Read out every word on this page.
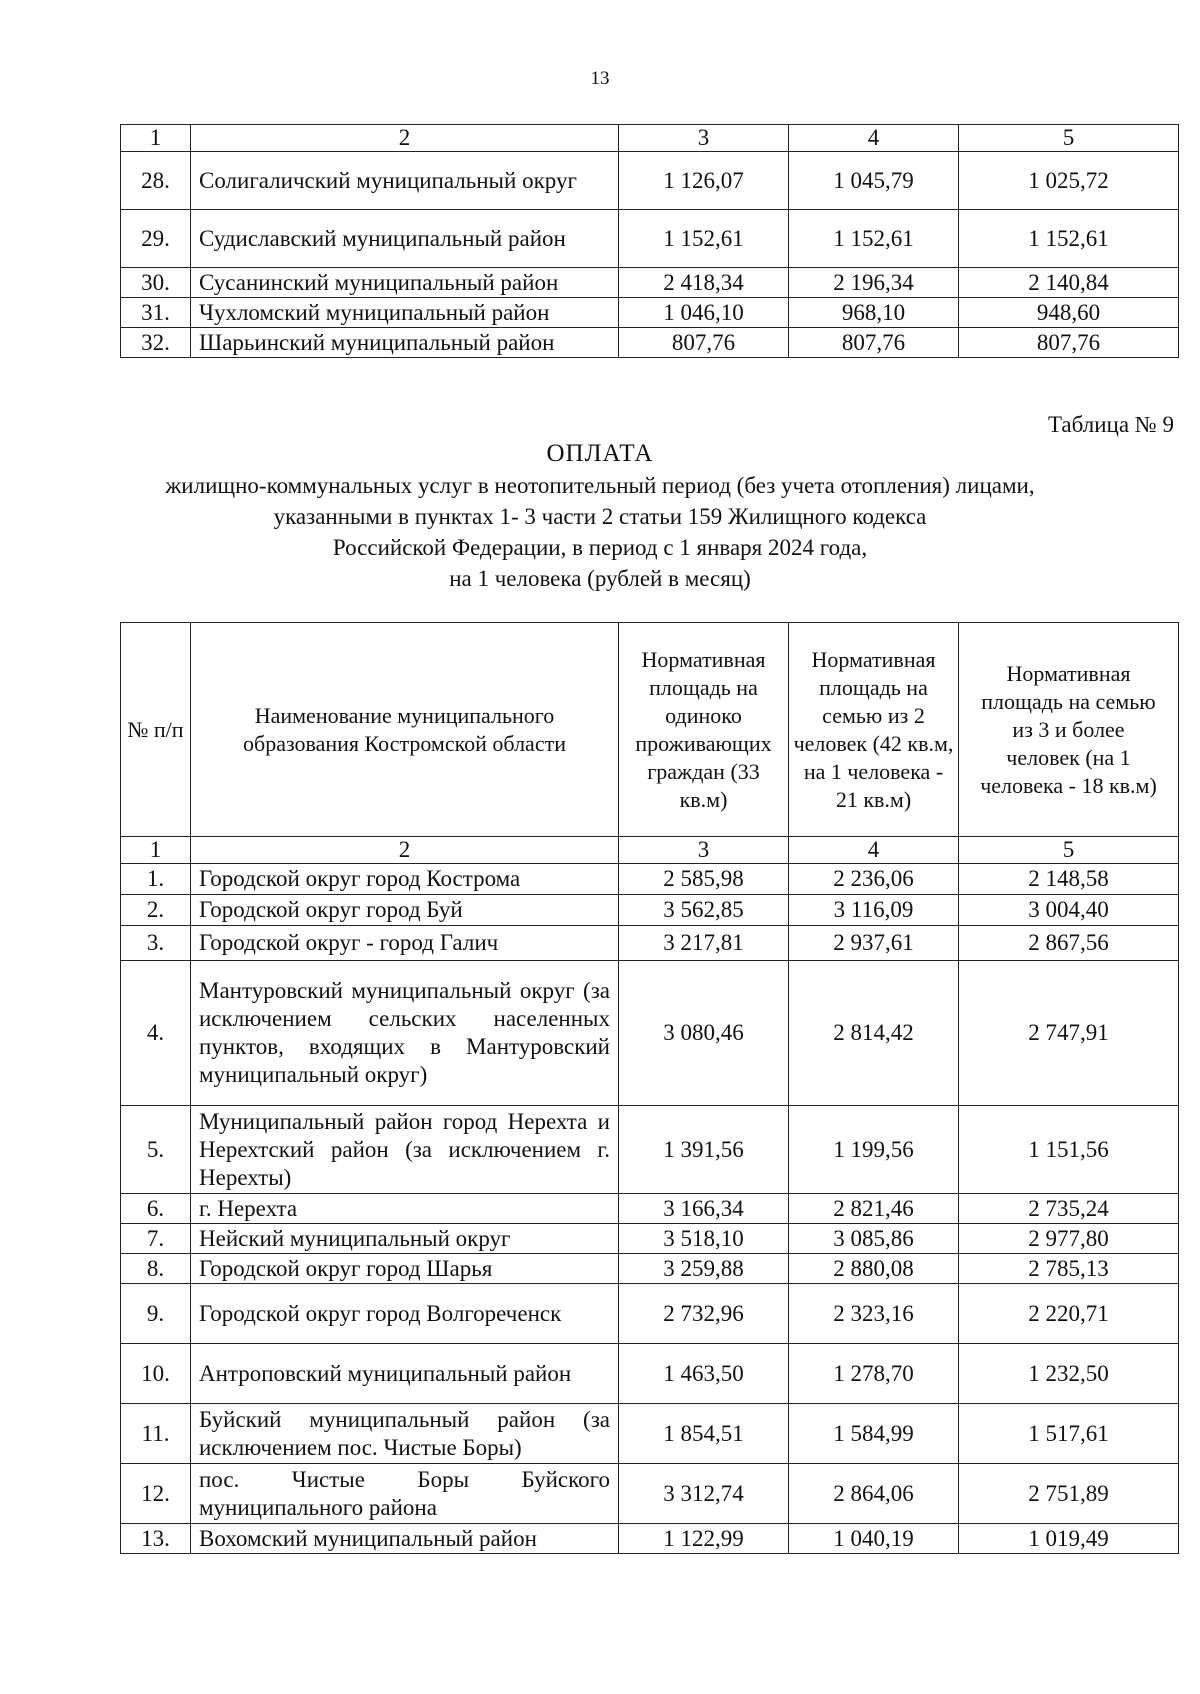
13
1	2	3	4	5
28.	Солигаличский муниципальный округ	1 126,07	1 045,79	1 025,72
29.	Судиславский муниципальный район	1 152,61	1 152,61	1 152,61
30.	Сусанинский муниципальный район	2 418,34	2 196,34	2 140,84
31.	Чухломский муниципальный район	1 046,10	968,10	948,60
32.	Шарьинский муниципальный район	807,76	807,76	807,76
Таблица № 9
ОПЛАТА
жилищно-коммунальных услуг в неотопительный период (без учета отопления) лицами,
указанными в пунктах 1- 3 части 2 статьи 159 Жилищного кодекса
Российской Федерации, в период с 1 января 2024 года,
на 1 человека (рублей в месяц)
№ п/п	Наименование муниципального образования Костромской области	Нормативная площадь на одиноко проживающих граждан (33 кв.м)	Нормативная площадь на семью из 2 человек (42 кв.м, на 1 человека - 21 кв.м)	Нормативная площадь на семью из 3 и более человек (на 1 человека - 18 кв.м)
1	2	3	4	5
1.	Городской округ город Кострома	2 585,98	2 236,06	2 148,58
2.	Городской округ город Буй	3 562,85	3 116,09	3 004,40
3.	Городской округ - город Галич	3 217,81	2 937,61	2 867,56
4.	Мантуровский муниципальный округ (за исключением сельских населенных пунктов, входящих в Мантуровский муниципальный округ)	3 080,46	2 814,42	2 747,91
5.	Муниципальный район город Нерехта и Нерехтский район (за исключением г. Нерехты)	1 391,56	1 199,56	1 151,56
6.	г. Нерехта	3 166,34	2 821,46	2 735,24
7.	Нейский муниципальный округ	3 518,10	3 085,86	2 977,80
8.	Городской округ город Шарья	3 259,88	2 880,08	2 785,13
9.	Городской округ город Волгореченск	2 732,96	2 323,16	2 220,71
10.	Антроповский муниципальный район	1 463,50	1 278,70	1 232,50
11.	Буйский муниципальный район (за исключением пос. Чистые Боры)	1 854,51	1 584,99	1 517,61
12.	пос. Чистые Боры Буйского муниципального района	3 312,74	2 864,06	2 751,89
13.	Вохомский муниципальный район	1 122,99	1 040,19	1 019,49
